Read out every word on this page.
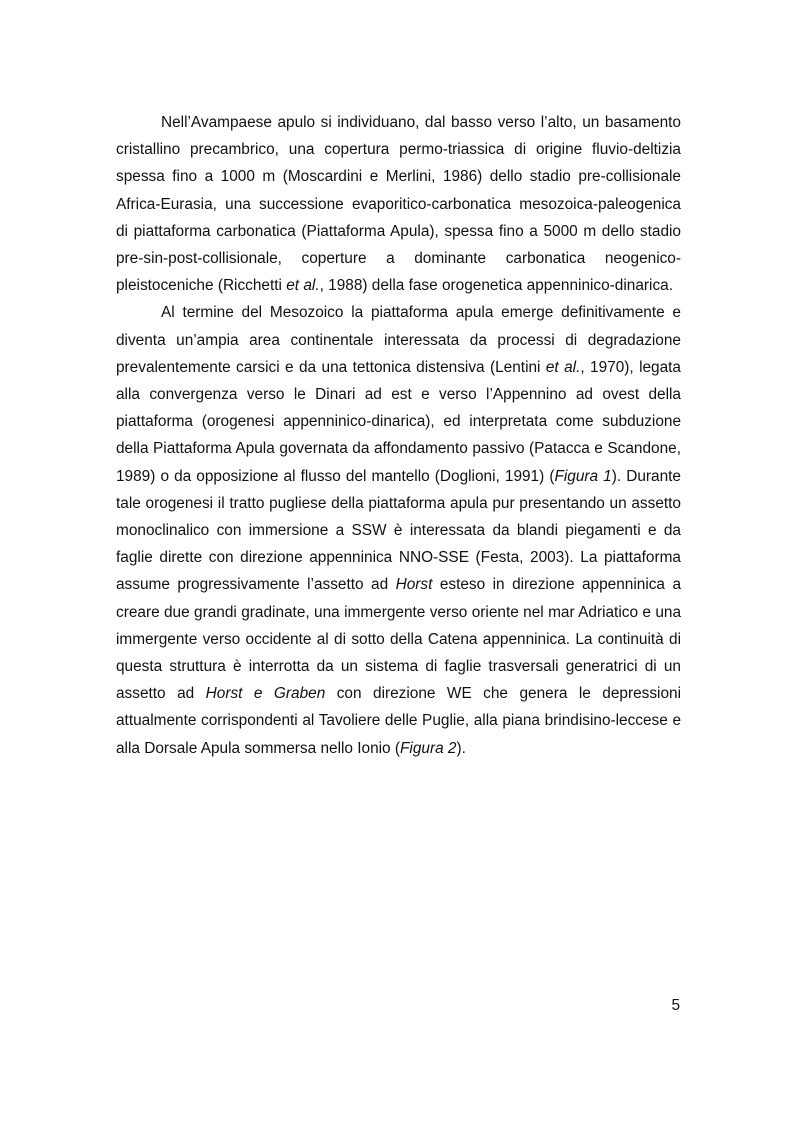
Nell’Avampaese apulo si individuano, dal basso verso l’alto, un basamento cristallino precambrico, una copertura permo-triassica di origine fluvio-deltizia spessa fino a 1000 m (Moscardini e Merlini, 1986) dello stadio pre-collisionale Africa-Eurasia, una successione evaporitico-carbonatica mesozoica-paleogenica di piattaforma carbonatica (Piattaforma Apula), spessa fino a 5000 m dello stadio pre-sin-post-collisionale, coperture a dominante carbonatica neogenico-pleistoceniche (Ricchetti et al., 1988) della fase orogenetica appenninico-dinarica.

Al termine del Mesozoico la piattaforma apula emerge definitivamente e diventa un’ampia area continentale interessata da processi di degradazione prevalentemente carsici e da una tettonica distensiva (Lentini et al., 1970), legata alla convergenza verso le Dinari ad est e verso l’Appennino ad ovest della piattaforma (orogenesi appenninico-dinarica), ed interpretata come subduzione della Piattaforma Apula governata da affondamento passivo (Patacca e Scandone, 1989) o da opposizione al flusso del mantello (Doglioni, 1991) (Figura 1). Durante tale orogenesi il tratto pugliese della piattaforma apula pur presentando un assetto monoclinalico con immersione a SSW è interessata da blandi piegamenti e da faglie dirette con direzione appenninica NNO-SSE (Festa, 2003). La piattaforma assume progressivamente l’assetto ad Horst esteso in direzione appenninica a creare due grandi gradinate, una immergente verso oriente nel mar Adriatico e una immergente verso occidente al di sotto della Catena appenninica. La continuità di questa struttura è interrotta da un sistema di faglie trasversali generatrici di un assetto ad Horst e Graben con direzione WE che genera le depressioni attualmente corrispondenti al Tavoliere delle Puglie, alla piana brindisino-leccese e alla Dorsale Apula sommersa nello Ionio (Figura 2).

5
